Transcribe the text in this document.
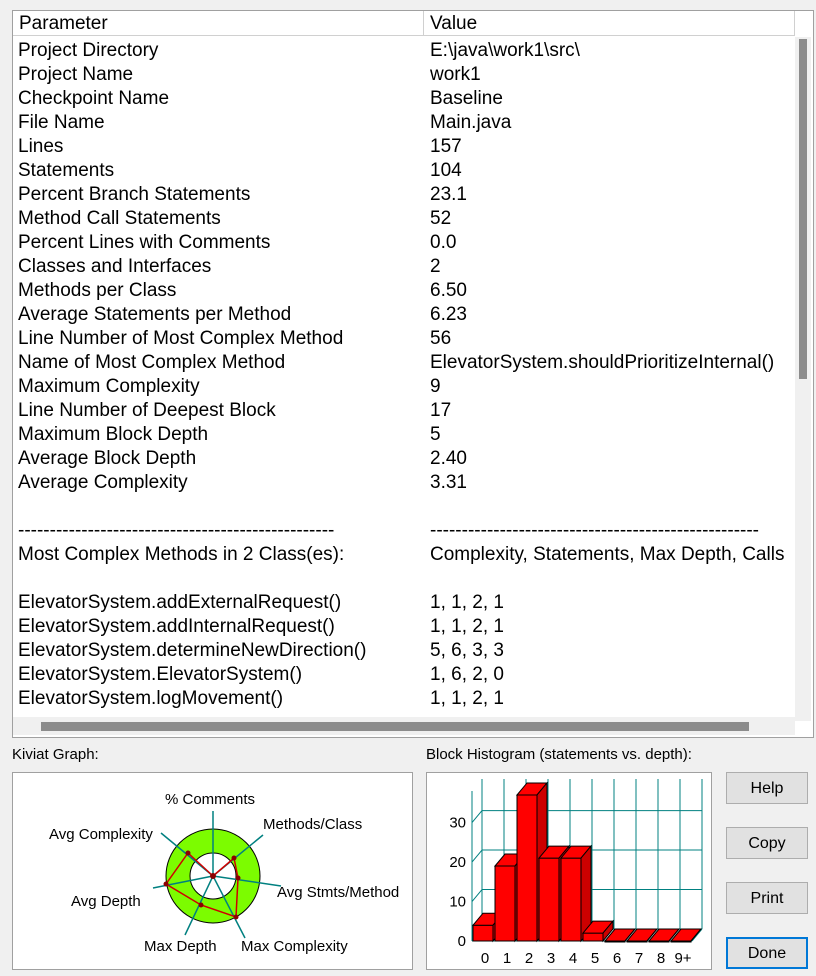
Parameter	Value
Project Directory	E:\java\work1\src\
Project Name	work1
Checkpoint Name	Baseline
File Name	Main.java
Lines	157
Statements	104
Percent Branch Statements	23.1
Method Call Statements	52
Percent Lines with Comments	0.0
Classes and Interfaces	2
Methods per Class	6.50
Average Statements per Method	6.23
Line Number of Most Complex Method	56
Name of Most Complex Method	ElevatorSystem.shouldPrioritizeInternal()
Maximum Complexity	9
Line Number of Deepest Block	17
Maximum Block Depth	5
Average Block Depth	2.40
Average Complexity	3.31
--------------------------------------------------	----------------------------------------------------
Most Complex Methods in 2 Class(es):	Complexity, Statements, Max Depth, Calls
ElevatorSystem.addExternalRequest()	1, 1, 2, 1
ElevatorSystem.addInternalRequest()	1, 1, 2, 1
ElevatorSystem.determineNewDirection()	5, 6, 3, 3
ElevatorSystem.ElevatorSystem()	1, 6, 2, 0
ElevatorSystem.logMovement()	1, 1, 2, 1
Kiviat Graph:
% Comments
Methods/Class
Avg Stmts/Method
Max Complexity
Max Depth
Avg Depth
Avg Complexity
Block Histogram (statements vs. depth):
0
10
20
30
0 1 2 3 4 5 6 7 8 9+
Help
Copy
Print
Done
